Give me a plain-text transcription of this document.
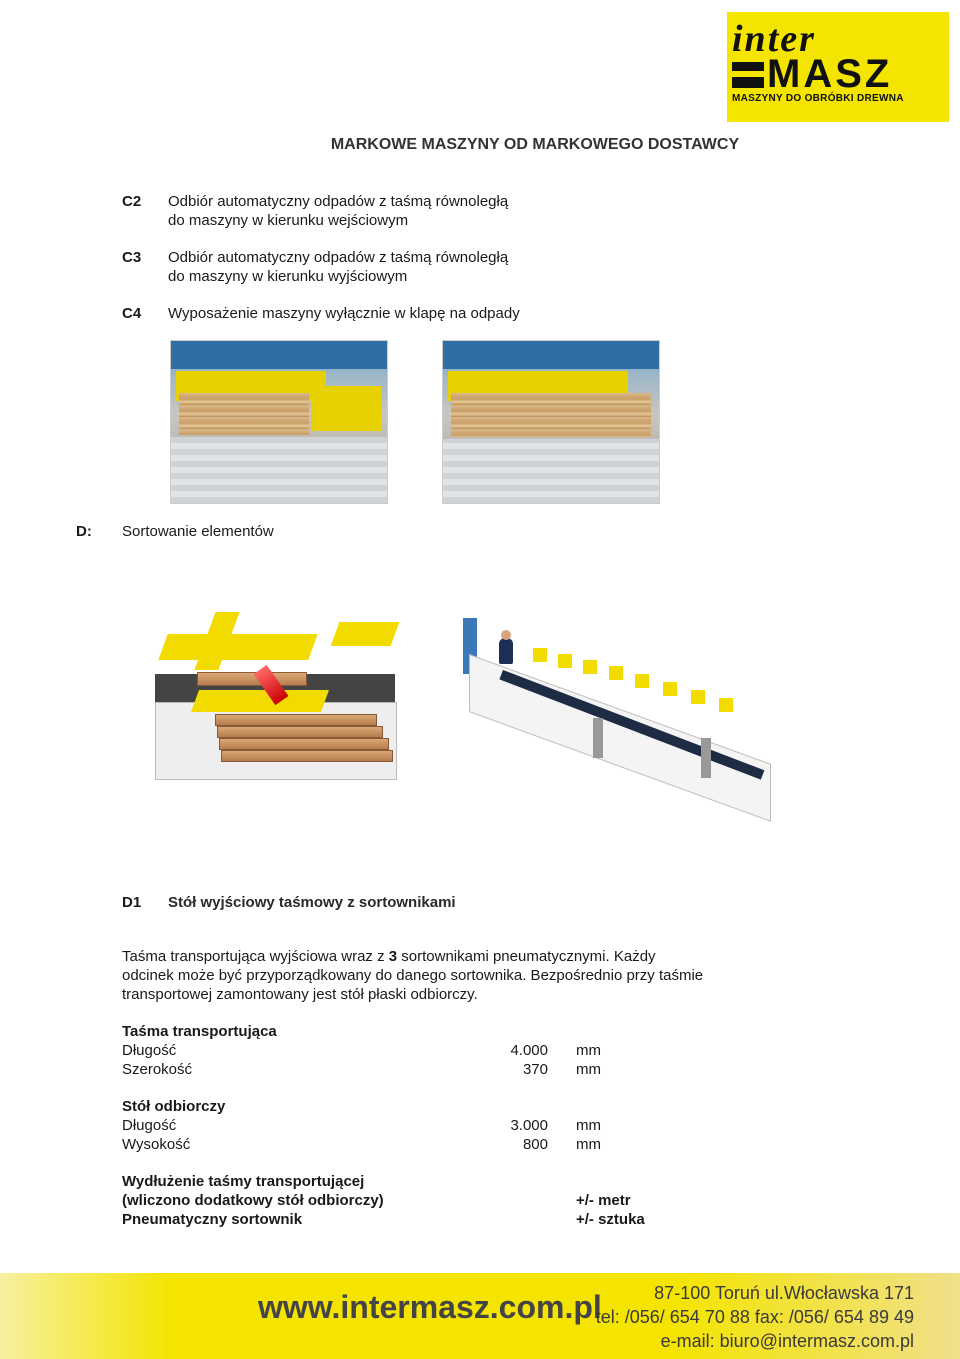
inter
MASZ
MASZYNY DO OBRÓBKI DREWNA
MARKOWE MASZYNY OD MARKOWEGO DOSTAWCY
C2 Odbiór automatyczny odpadów z taśmą równoległą
do maszyny w kierunku wejściowym
C3 Odbiór automatyczny odpadów z taśmą równoległą
do maszyny w kierunku wyjściowym
C4 Wyposażenie maszyny wyłącznie w klapę na odpady
D: Sortowanie elementów
D1 Stół wyjściowy taśmowy z sortownikami
Taśma transportująca wyjściowa wraz z 3 sortownikami pneumatycznymi. Każdy
odcinek może być przyporządkowany do danego sortownika. Bezpośrednio przy taśmie
transportowej zamontowany jest stół płaski odbiorczy.
Taśma transportująca
Długość	4.000 mm
Szerokość	370 mm
Stół odbiorczy
Długość	3.000 mm
Wysokość	800 mm
Wydłużenie taśmy transportującej
(wliczono dodatkowy stół odbiorczy)	+/- metr
Pneumatyczny sortownik	+/- sztuka
www.intermasz.com.pl	87-100 Toruń ul.Włocławska 171
tel: /056/ 654 70 88 fax: /056/ 654 89 49
e-mail: biuro@intermasz.com.pl
